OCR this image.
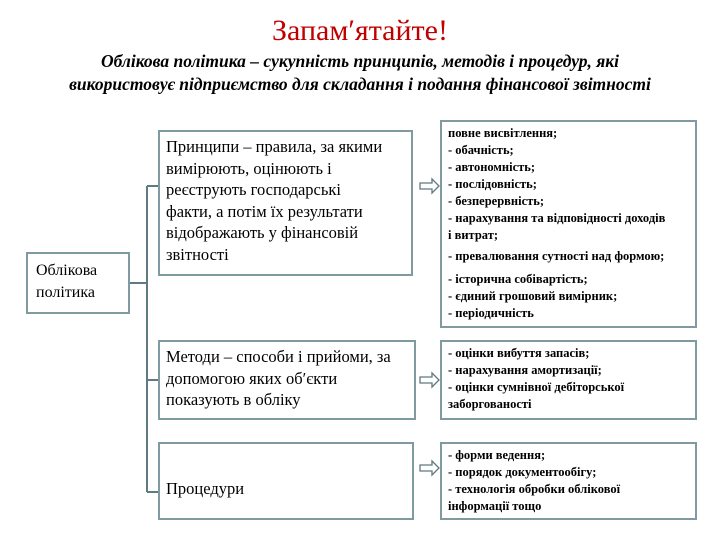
Запам′ятайте!
Облікова політика – сукупність принципів, методів і процедур, які
використовує підприємство для складання і подання фінансової звітності
Облікова
політика
Принципи – правила, за якими
вимірюють, оцінюють і
реєструють господарські
факти, а потім їх результати
відображають у фінансовій
звітності
Методи – способи і прийоми, за
допомогою яких об′єкти
показують в обліку
Процедури
повне висвітлення;
- обачність;
- автономність;
- послідовність;
- безперервність;
- нарахування та відповідності доходів
і витрат;
- превалювання сутності над формою;
- історична собівартість;
- єдиний грошовий вимірник;
- періодичність
- оцінки вибуття запасів;
- нарахування амортизації;
- оцінки сумнівної дебіторської
заборгованості
- форми ведення;
- порядок документообігу;
- технологія обробки облікової
інформації тощо
